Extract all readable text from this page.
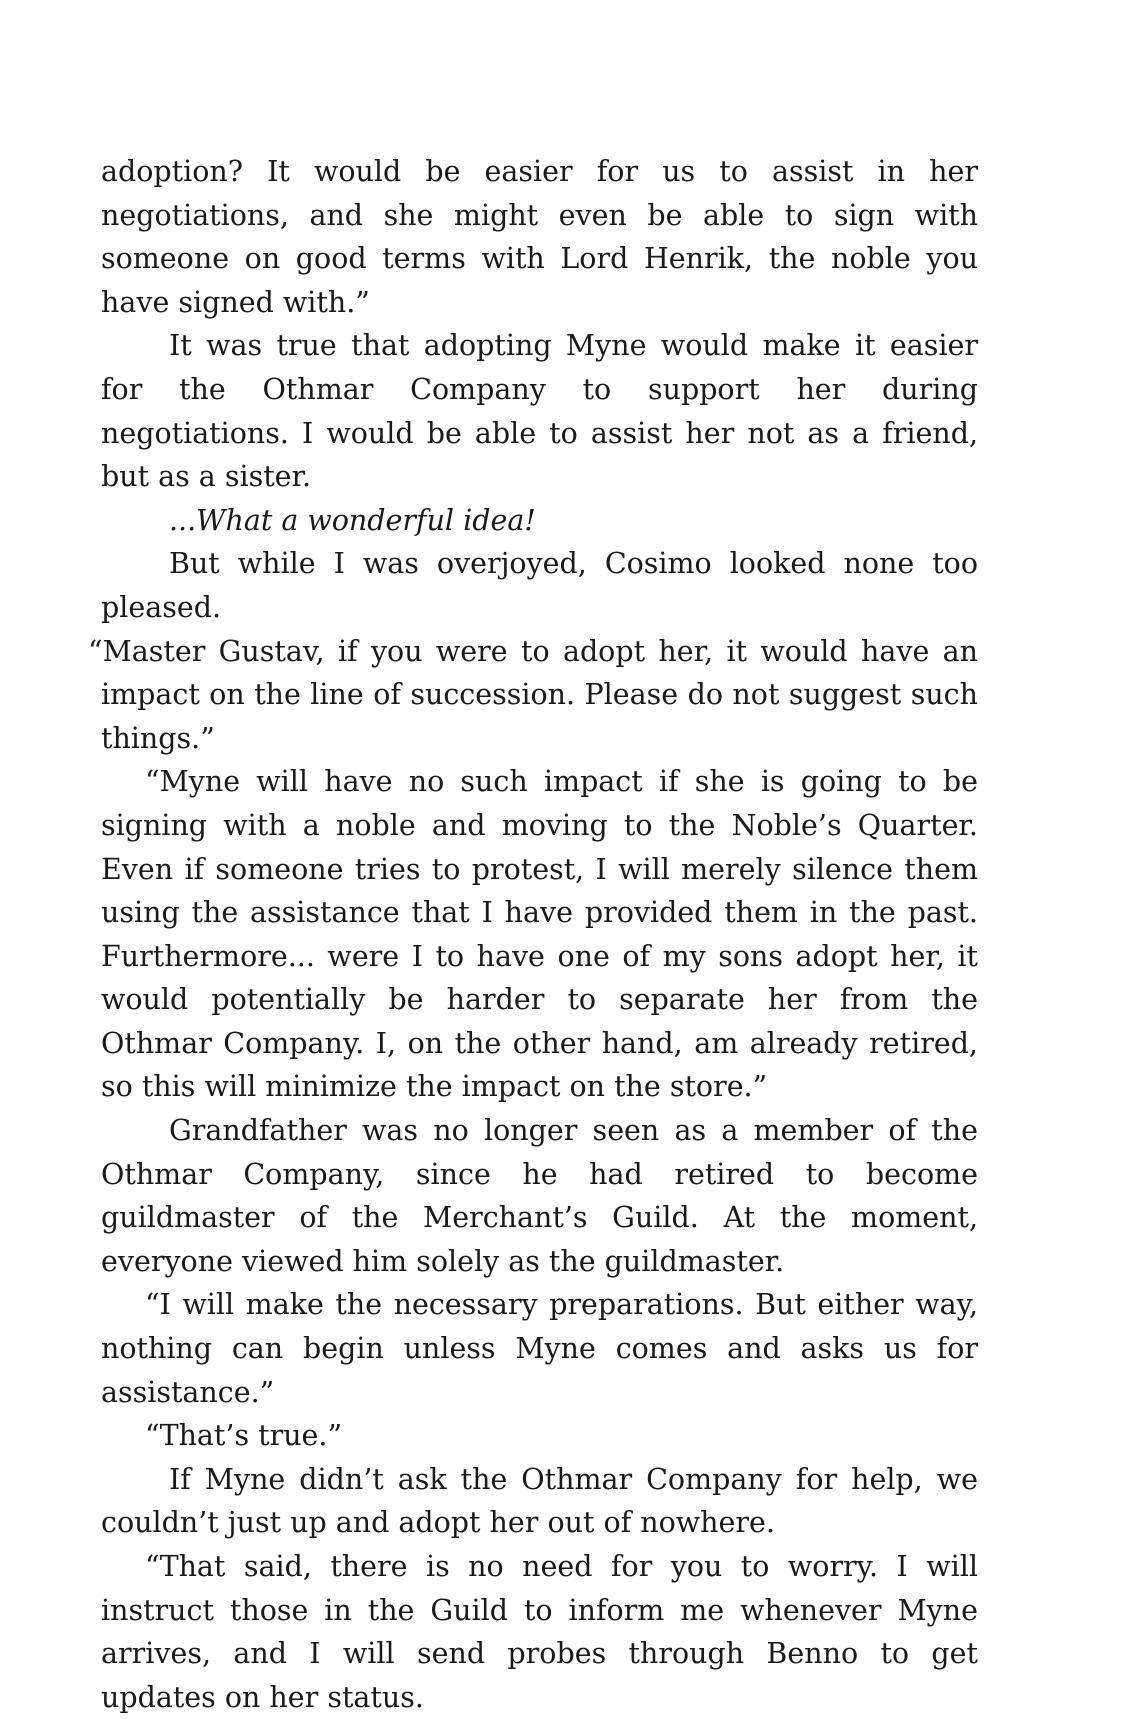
adoption? It would be easier for us to assist in her negotiations, and she might even be able to sign with someone on good terms with Lord Henrik, the noble you have signed with.”

It was true that adopting Myne would make it easier for the Othmar Company to support her during negotiations. I would be able to assist her not as a friend, but as a sister.

...What a wonderful idea!

But while I was overjoyed, Cosimo looked none too pleased.

“Master Gustav, if you were to adopt her, it would have an impact on the line of succession. Please do not suggest such things.”

“Myne will have no such impact if she is going to be signing with a noble and moving to the Noble’s Quarter. Even if someone tries to protest, I will merely silence them using the assistance that I have provided them in the past. Furthermore... were I to have one of my sons adopt her, it would potentially be harder to separate her from the Othmar Company. I, on the other hand, am already retired, so this will minimize the impact on the store.”

Grandfather was no longer seen as a member of the Othmar Company, since he had retired to become guildmaster of the Merchant’s Guild. At the moment, everyone viewed him solely as the guildmaster.

“I will make the necessary preparations. But either way, nothing can begin unless Myne comes and asks us for assistance.”

“That’s true.”

If Myne didn’t ask the Othmar Company for help, we couldn’t just up and adopt her out of nowhere.

“That said, there is no need for you to worry. I will instruct those in the Guild to inform me whenever Myne arrives, and I will send probes through Benno to get updates on her status.
